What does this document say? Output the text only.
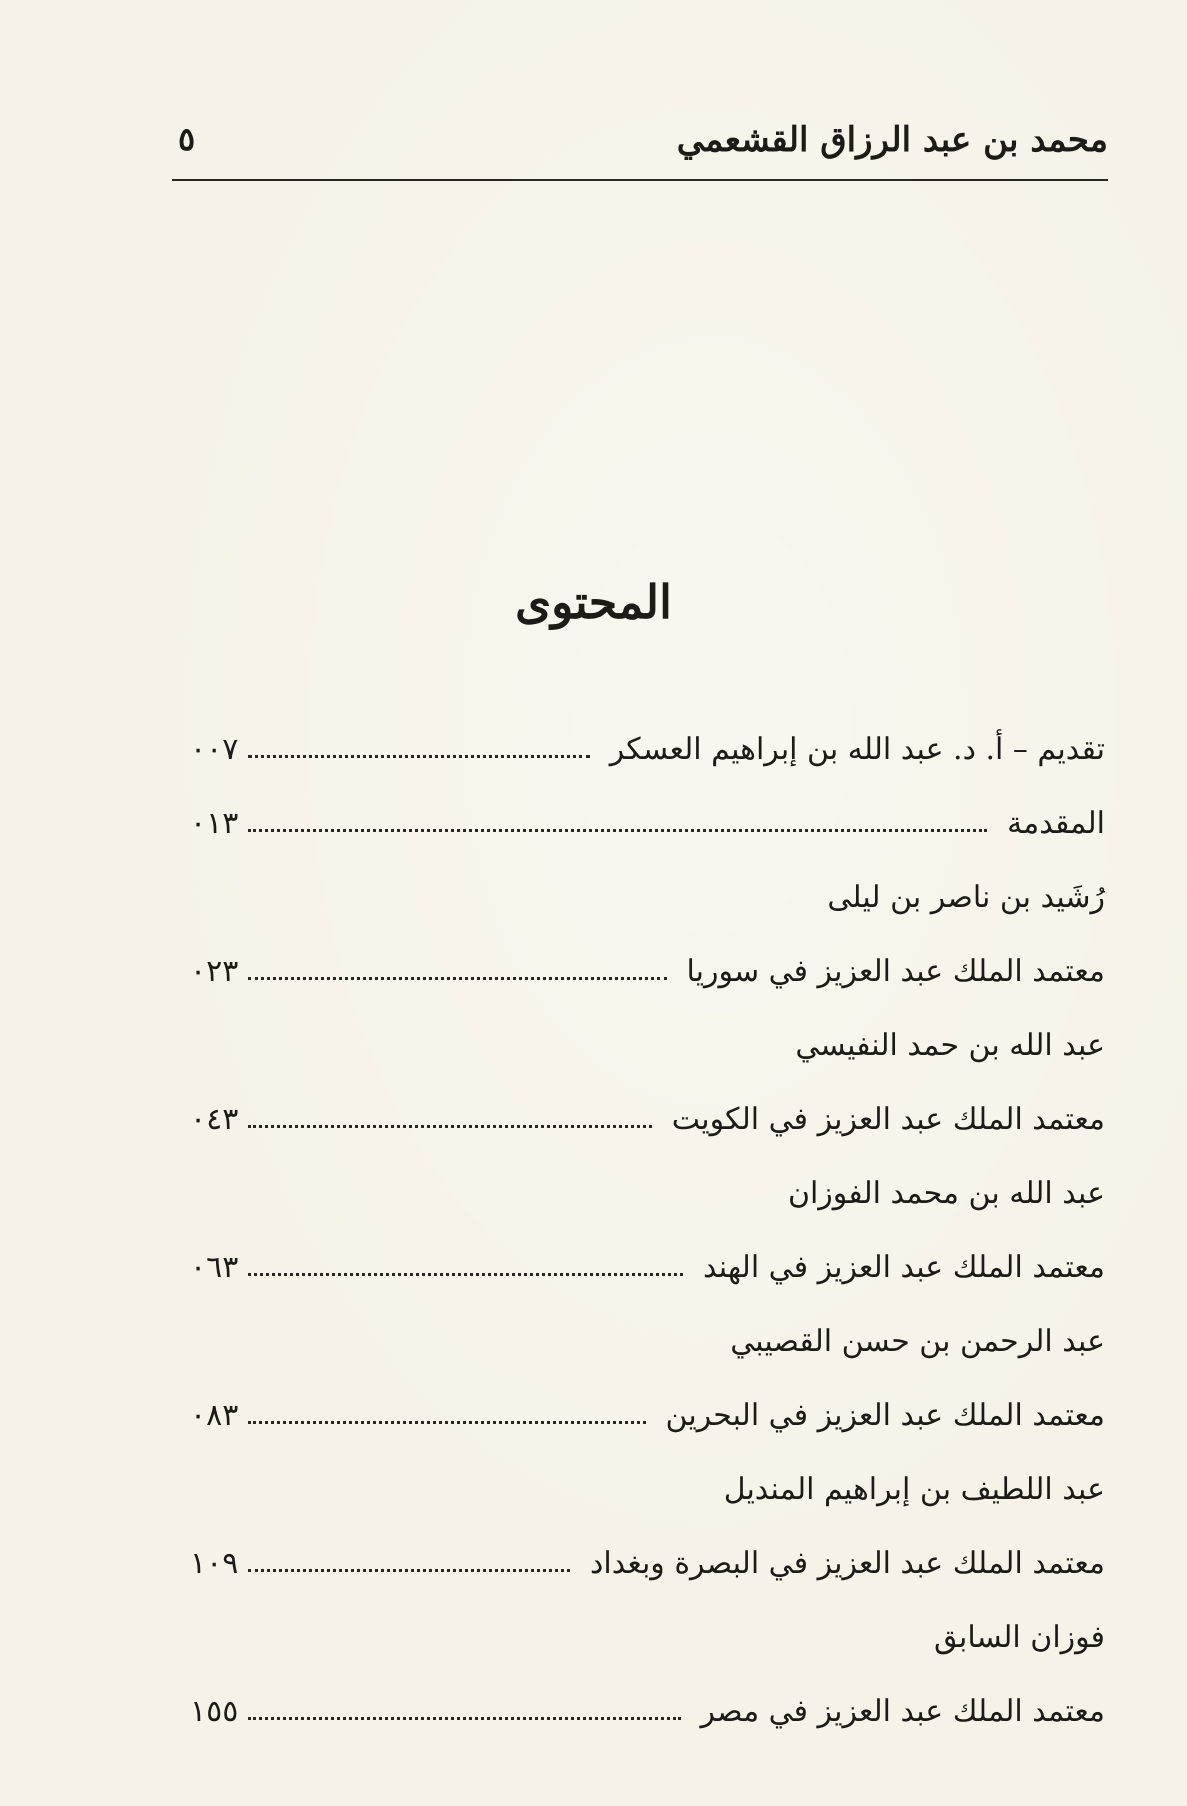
محمد بن عبد الرزاق القشعمي
٥
المحتوى
تقديم – أ. د. عبد الله بن إبراهيم العسكر
٠٠٧
المقدمة
٠١٣
رُشَيد بن ناصر بن ليلى
معتمد الملك عبد العزيز في سوريا
٠٢٣
عبد الله بن حمد النفيسي
معتمد الملك عبد العزيز في الكويت
٠٤٣
عبد الله بن محمد الفوزان
معتمد الملك عبد العزيز في الهند
٠٦٣
عبد الرحمن بن حسن القصيبي
معتمد الملك عبد العزيز في البحرين
٠٨٣
عبد اللطيف بن إبراهيم المنديل
معتمد الملك عبد العزيز في البصرة وبغداد
١٠٩
فوزان السابق
معتمد الملك عبد العزيز في مصر
١٥٥
